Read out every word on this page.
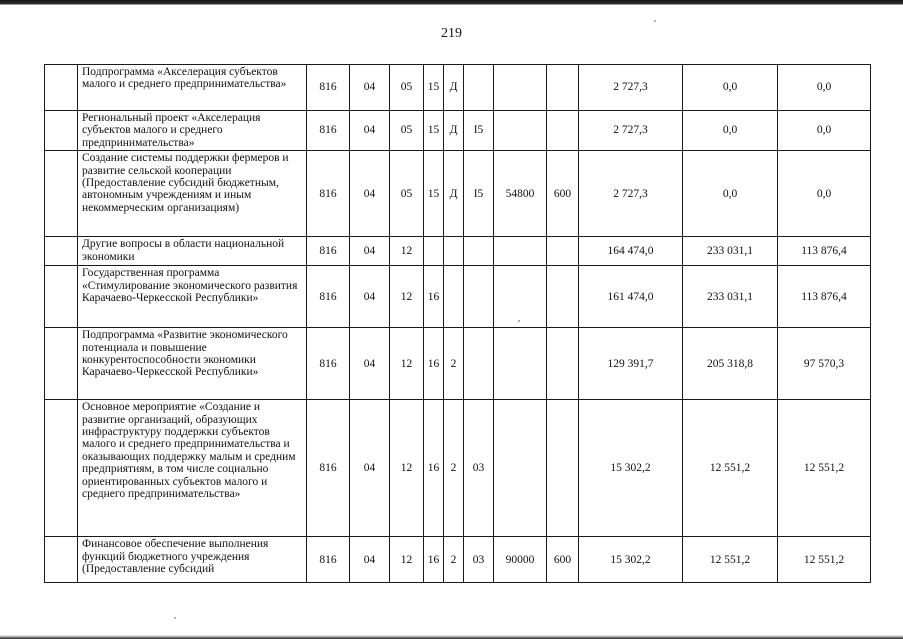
219
	Подпрограмма «Акселерация субъектов малого и среднего предпринимательства»	816	04	05	15	Д				2 727,3	0,0	0,0
	Региональный проект «Акселерация субъектов малого и среднего предпринимательства»	816	04	05	15	Д	I5			2 727,3	0,0	0,0
	Создание системы поддержки фермеров и развитие сельской кооперации (Предоставление субсидий бюджетным, автономным учреждениям и иным некоммерческим организациям)	816	04	05	15	Д	I5	54800	600	2 727,3	0,0	0,0
	Другие вопросы в области национальной экономики	816	04	12						164 474,0	233 031,1	113 876,4
	Государственная программа «Стимулирование экономического развития Карачаево-Черкесской Республики»	816	04	12	16					161 474,0	233 031,1	113 876,4
	Подпрограмма «Развитие экономического потенциала и повышение конкурентоспособности экономики Карачаево-Черкесской Республики»	816	04	12	16	2				129 391,7	205 318,8	97 570,3
	Основное мероприятие «Создание и развитие организаций, образующих инфраструктуру поддержки субъектов малого и среднего предпринимательства и оказывающих поддержку малым и средним предприятиям, в том числе социально ориентированных субъектов малого и среднего предпринимательства»	816	04	12	16	2	03			15 302,2	12 551,2	12 551,2
	Финансовое обеспечение выполнения функций бюджетного учреждения (Предоставление субсидий	816	04	12	16	2	03	90000	600	15 302,2	12 551,2	12 551,2
